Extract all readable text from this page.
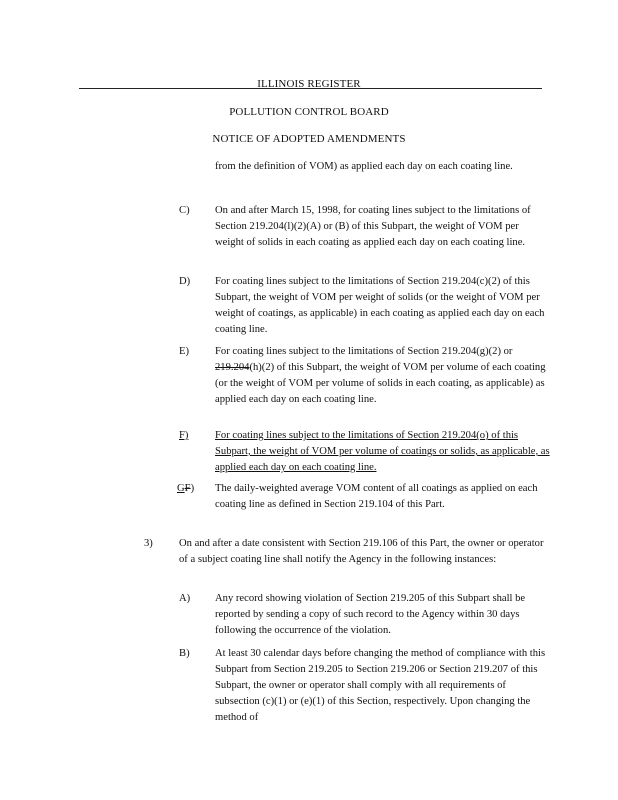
ILLINOIS REGISTER
POLLUTION CONTROL BOARD
NOTICE OF ADOPTED AMENDMENTS
from the definition of VOM) as applied each day on each coating line.
C) On and after March 15, 1998, for coating lines subject to the limitations of Section 219.204(l)(2)(A) or (B) of this Subpart, the weight of VOM per weight of solids in each coating as applied each day on each coating line.
D) For coating lines subject to the limitations of Section 219.204(c)(2) of this Subpart, the weight of VOM per weight of solids (or the weight of VOM per weight of coatings, as applicable) in each coating as applied each day on each coating line.
E) For coating lines subject to the limitations of Section 219.204(g)(2) or 219.204(h)(2) of this Subpart, the weight of VOM per volume of each coating (or the weight of VOM per volume of solids in each coating, as applicable) as applied each day on each coating line.
F)	For coating lines subject to the limitations of Section 219.204(o) of this Subpart, the weight of VOM per volume of coatings or solids, as applicable, as applied each day on each coating line.
GF) The daily-weighted average VOM content of all coatings as applied on each coating line as defined in Section 219.104 of this Part.
3) On and after a date consistent with Section 219.106 of this Part, the owner or operator of a subject coating line shall notify the Agency in the following instances:
A) Any record showing violation of Section 219.205 of this Subpart shall be reported by sending a copy of such record to the Agency within 30 days following the occurrence of the violation.
B) At least 30 calendar days before changing the method of compliance with this Subpart from Section 219.205 to Section 219.206 or Section 219.207 of this Subpart, the owner or operator shall comply with all requirements of subsection (c)(1) or (e)(1) of this Section, respectively. Upon changing the method of
